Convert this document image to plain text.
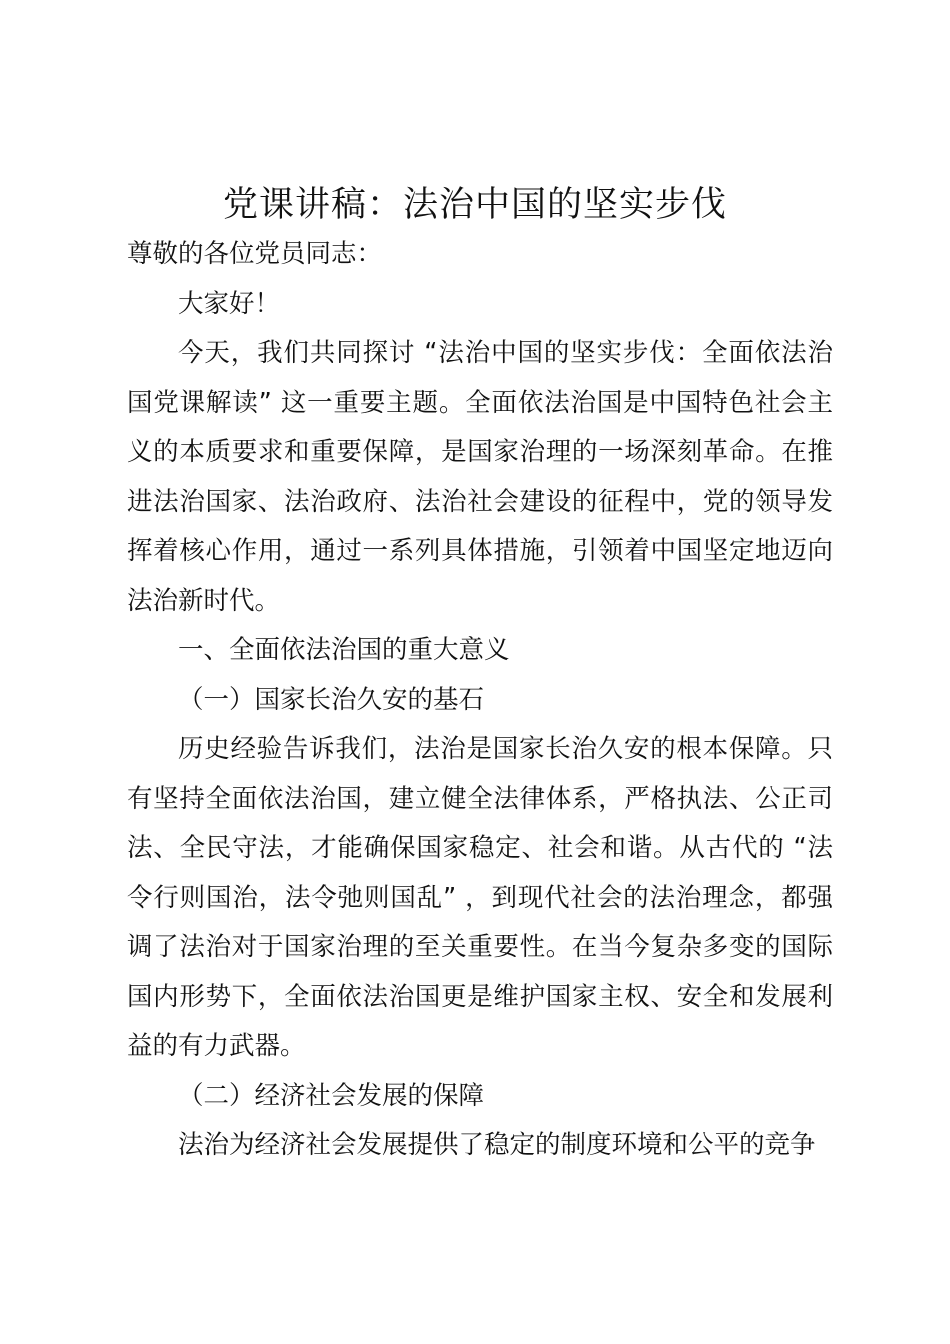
党课讲稿：法治中国的坚实步伐

尊敬的各位党员同志：

大家好！

今天，我们共同探讨 “法治中国的坚实步伐：全面依法治国党课解读” 这一重要主题。全面依法治国是中国特色社会主义的本质要求和重要保障，是国家治理的一场深刻革命。在推进法治国家、法治政府、法治社会建设的征程中，党的领导发挥着核心作用，通过一系列具体措施，引领着中国坚定地迈向法治新时代。

一、全面依法治国的重大意义

（一）国家长治久安的基石

历史经验告诉我们，法治是国家长治久安的根本保障。只有坚持全面依法治国，建立健全法律体系，严格执法、公正司法、全民守法，才能确保国家稳定、社会和谐。从古代的 “法令行则国治，法令弛则国乱” ，到现代社会的法治理念，都强调了法治对于国家治理的至关重要性。在当今复杂多变的国际国内形势下，全面依法治国更是维护国家主权、安全和发展利益的有力武器。

（二）经济社会发展的保障

法治为经济社会发展提供了稳定的制度环境和公平的竞争
